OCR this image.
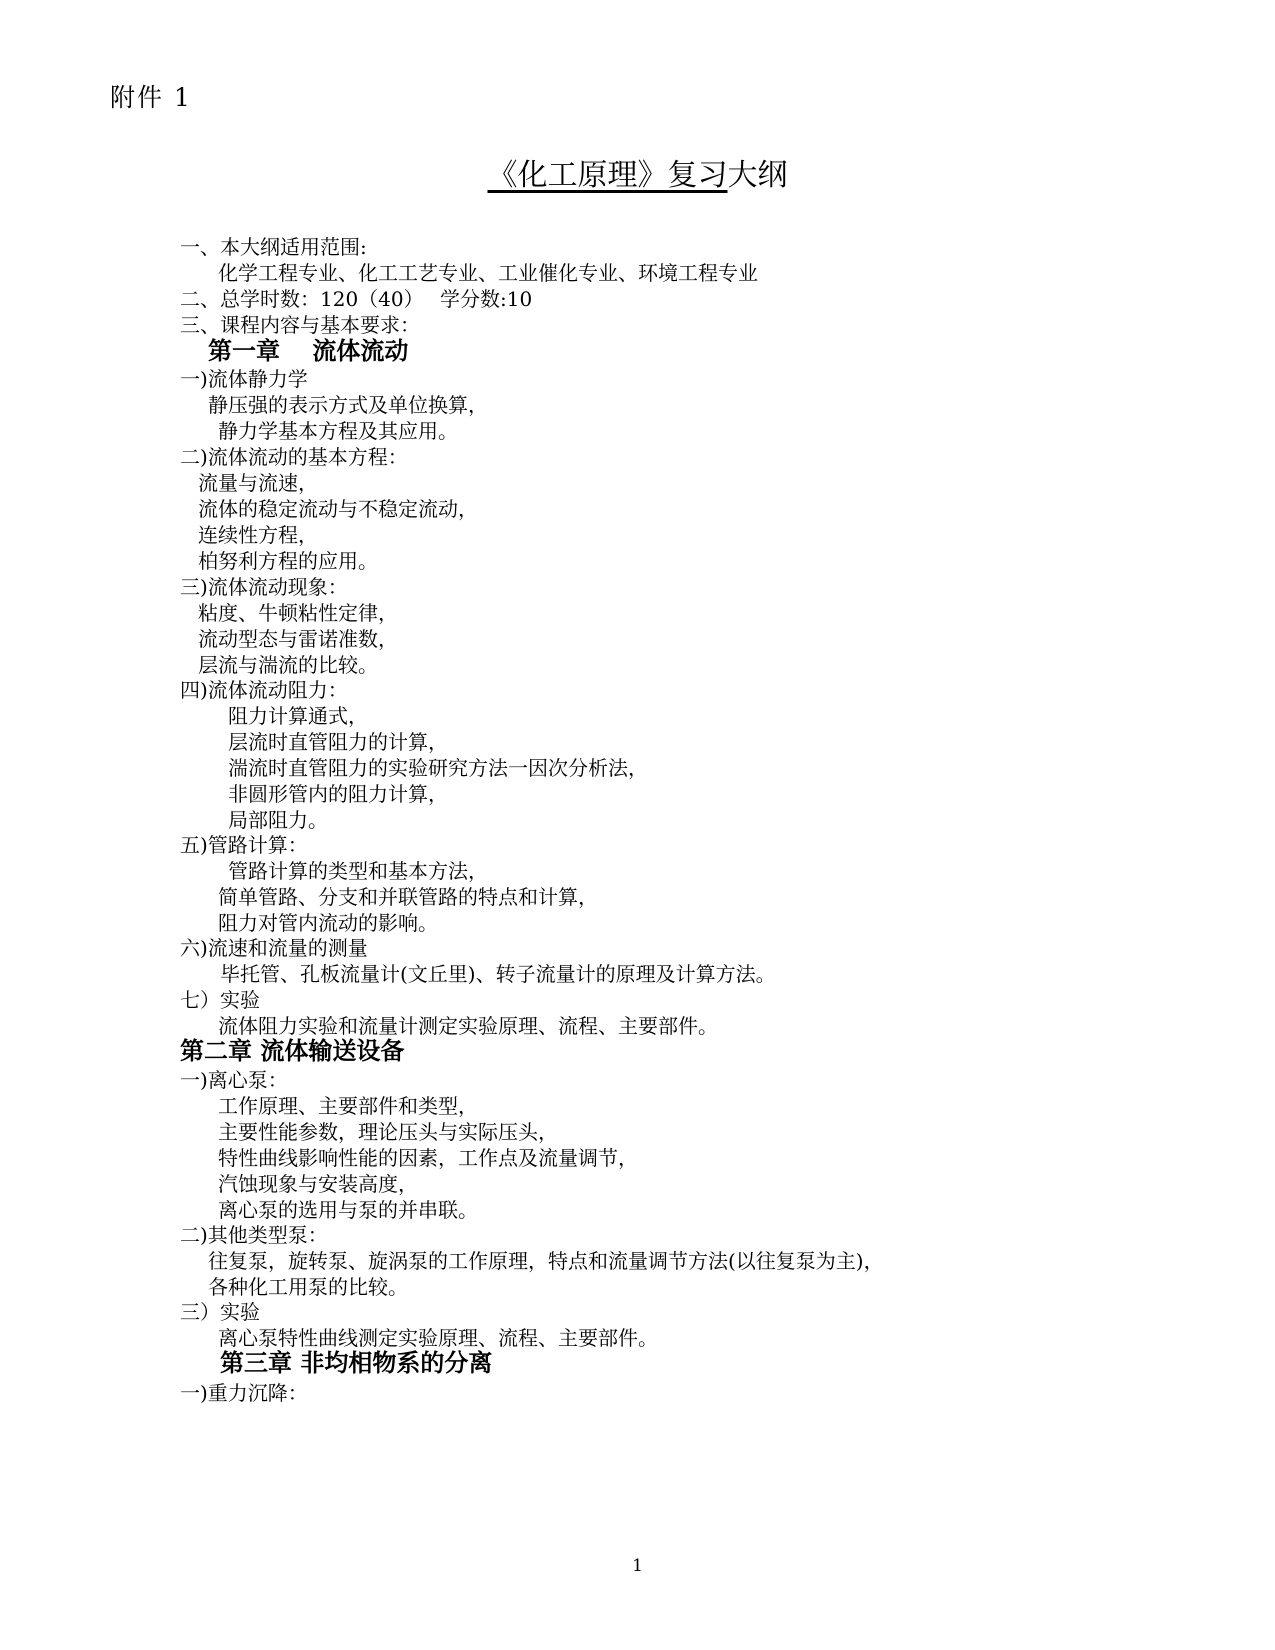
附件 1
《化工原理》复习大纲
一、本大纲适用范围:
化学工程专业、化工工艺专业、工业催化专业、环境工程专业
二、总学时数：120（40）　 学分数:10
三、课程内容与基本要求：
第一章　 流体流动
一)流体静力学
静压强的表示方式及单位换算，
静力学基本方程及其应用。
二)流体流动的基本方程：
流量与流速，
流体的稳定流动与不稳定流动，
连续性方程，
柏努利方程的应用。
三)流体流动现象：
粘度、牛顿粘性定律，
流动型态与雷诺准数，
层流与湍流的比较。
四)流体流动阻力：
阻力计算通式，
层流时直管阻力的计算，
湍流时直管阻力的实验研究方法一因次分析法，
非圆形管内的阻力计算，
局部阻力。
五)管路计算：
管路计算的类型和基本方法，
简单管路、分支和并联管路的特点和计算，
阻力对管内流动的影响。
六)流速和流量的测量
毕托管、孔板流量计(文丘里)、转子流量计的原理及计算方法。
七）实验
流体阻力实验和流量计测定实验原理、流程、主要部件。
第二章 流体输送设备
一)离心泵：
工作原理、主要部件和类型，
主要性能参数，理论压头与实际压头，
特性曲线影响性能的因素，工作点及流量调节，
汽蚀现象与安装高度，
离心泵的选用与泵的并串联。
二)其他类型泵：
往复泵，旋转泵、旋涡泵的工作原理，特点和流量调节方法(以往复泵为主)，
各种化工用泵的比较。
三）实验
离心泵特性曲线测定实验原理、流程、主要部件。
第三章 非均相物系的分离
一)重力沉降：
1
